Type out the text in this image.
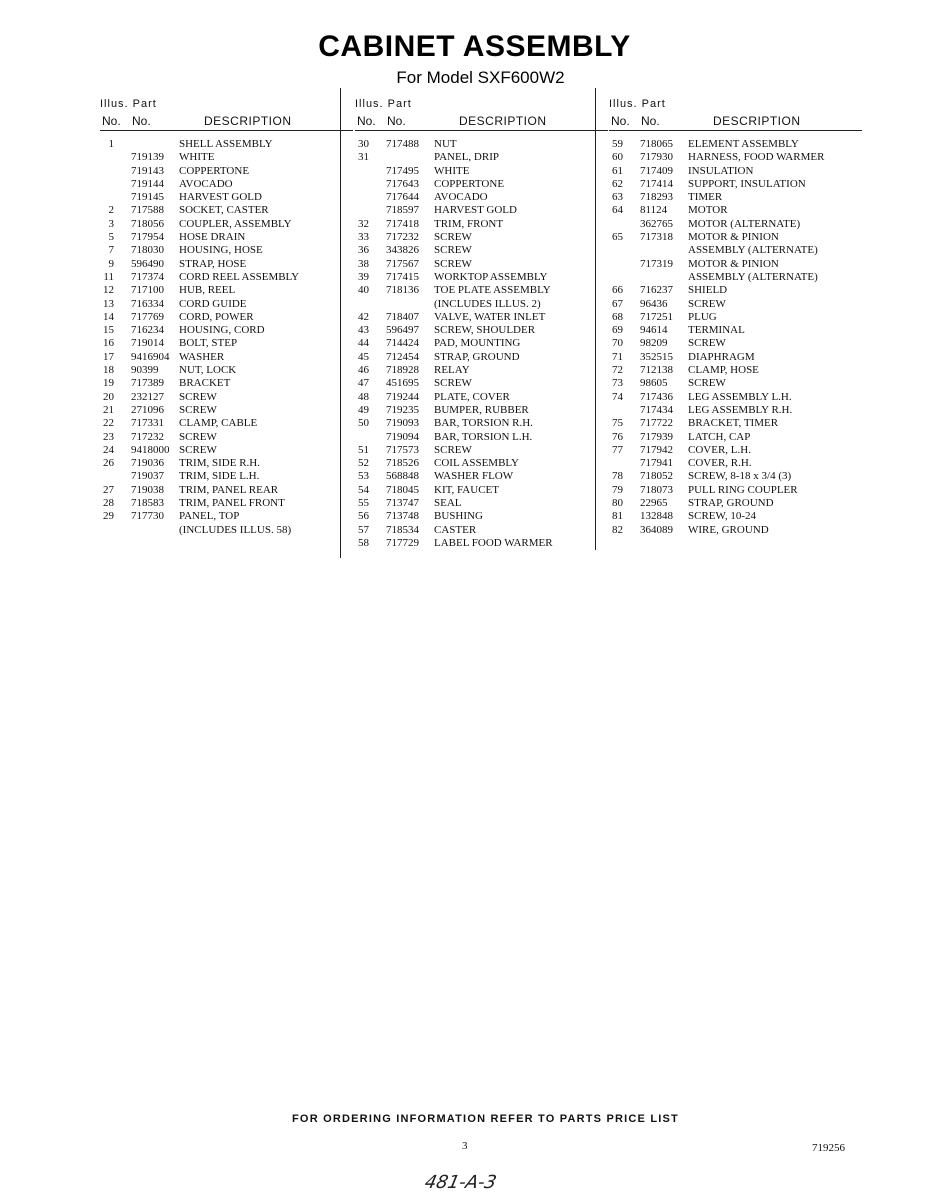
CABINET ASSEMBLY
For Model SXF600W2
Illus. Part
No. No.	DESCRIPTION
1	SHELL ASSEMBLY
719139 WHITE
719143 COPPERTONE
719144 AVOCADO
719145 HARVEST GOLD
2 717588 SOCKET, CASTER
3 718056 COUPLER, ASSEMBLY
5 717954 HOSE DRAIN
7 718030 HOUSING, HOSE
9 596490 STRAP, HOSE
11 717374 CORD REEL ASSEMBLY
12 717100 HUB, REEL
13 716334 CORD GUIDE
14 717769 CORD, POWER
15 716234 HOUSING, CORD
16 719014 BOLT, STEP
17 9416904 WASHER
18 90399 NUT, LOCK
19 717389 BRACKET
20 232127 SCREW
21 271096 SCREW
22 717331 CLAMP, CABLE
23 717232 SCREW
24 9418000 SCREW
26 719036 TRIM, SIDE R.H.
719037 TRIM, SIDE L.H.
27 719038 TRIM, PANEL REAR
28 718583 TRIM, PANEL FRONT
29 717730 PANEL, TOP
(INCLUDES ILLUS. 58)
Illus. Part
No. No.	DESCRIPTION
30 717488 NUT
31	PANEL, DRIP
717495 WHITE
717643 COPPERTONE
717644 AVOCADO
718597 HARVEST GOLD
32 717418 TRIM, FRONT
33 717232 SCREW
36 343826 SCREW
38 717567 SCREW
39 717415 WORKTOP ASSEMBLY
40 718136 TOE PLATE ASSEMBLY
(INCLUDES ILLUS. 2)
42 718407 VALVE, WATER INLET
43 596497 SCREW, SHOULDER
44 714424 PAD, MOUNTING
45 712454 STRAP, GROUND
46 718928 RELAY
47 451695 SCREW
48 719244 PLATE, COVER
49 719235 BUMPER, RUBBER
50 719093 BAR, TORSION R.H.
719094 BAR, TORSION L.H.
51 717573 SCREW
52 718526 COIL ASSEMBLY
53 568848 WASHER FLOW
54 718045 KIT, FAUCET
55 713747 SEAL
56 713748 BUSHING
57 718534 CASTER
58 717729 LABEL FOOD WARMER
Illus. Part
No. No.	DESCRIPTION
59 718065 ELEMENT ASSEMBLY
60 717930 HARNESS, FOOD WARMER
61 717409 INSULATION
62 717414 SUPPORT, INSULATION
63 718293 TIMER
64 81124 MOTOR
362765 MOTOR (ALTERNATE)
65 717318 MOTOR & PINION
ASSEMBLY (ALTERNATE)
717319 MOTOR & PINION
ASSEMBLY (ALTERNATE)
66 716237 SHIELD
67 96436 SCREW
68 717251 PLUG
69 94614 TERMINAL
70 98209 SCREW
71 352515 DIAPHRAGM
72 712138 CLAMP, HOSE
73 98605 SCREW
74 717436 LEG ASSEMBLY L.H.
717434 LEG ASSEMBLY R.H.
75 717722 BRACKET, TIMER
76 717939 LATCH, CAP
77 717942 COVER, L.H.
717941 COVER, R.H.
78 718052 SCREW, 8-18 x 3/4 (3)
79 718073 PULL RING COUPLER
80 22965 STRAP, GROUND
81 132848 SCREW, 10-24
82 364089 WIRE, GROUND
FOR ORDERING INFORMATION REFER TO PARTS PRICE LIST
3	719256
481-A-3
